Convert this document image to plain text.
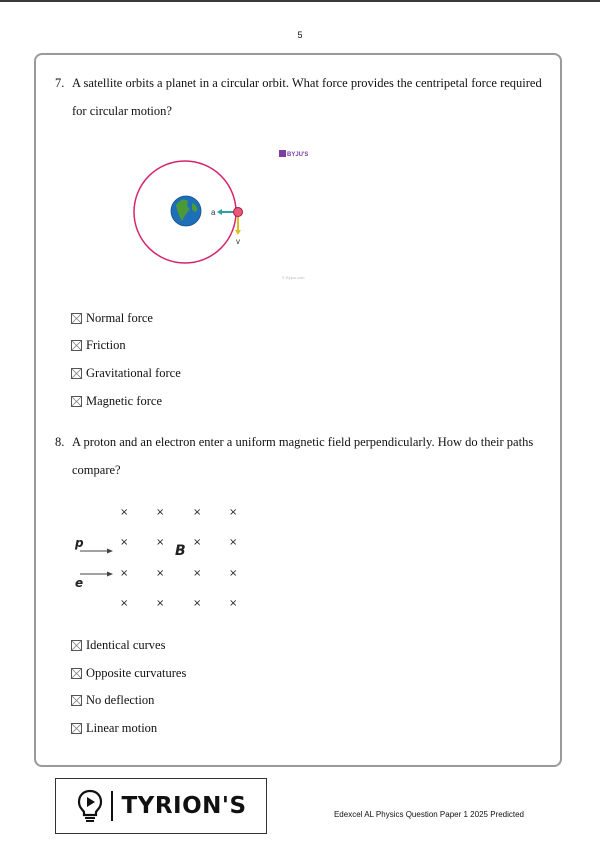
5
7. A satellite orbits a planet in a circular orbit. What force provides the centripetal force required
for circular motion?
BYJU'S
a
v
© Byjus.com
Normal force
Friction
Gravitational force
Magnetic force
8. A proton and an electron enter a uniform magnetic field perpendicularly. How do their paths
compare?
×	×	×	×
×	×	×	×
×	×	×	×
×	×	×	×
B
p
e
Identical curves
Opposite curvatures
No deflection
Linear motion
TYRION'S	Edexcel AL Physics Question Paper 1 2025 Predicted
